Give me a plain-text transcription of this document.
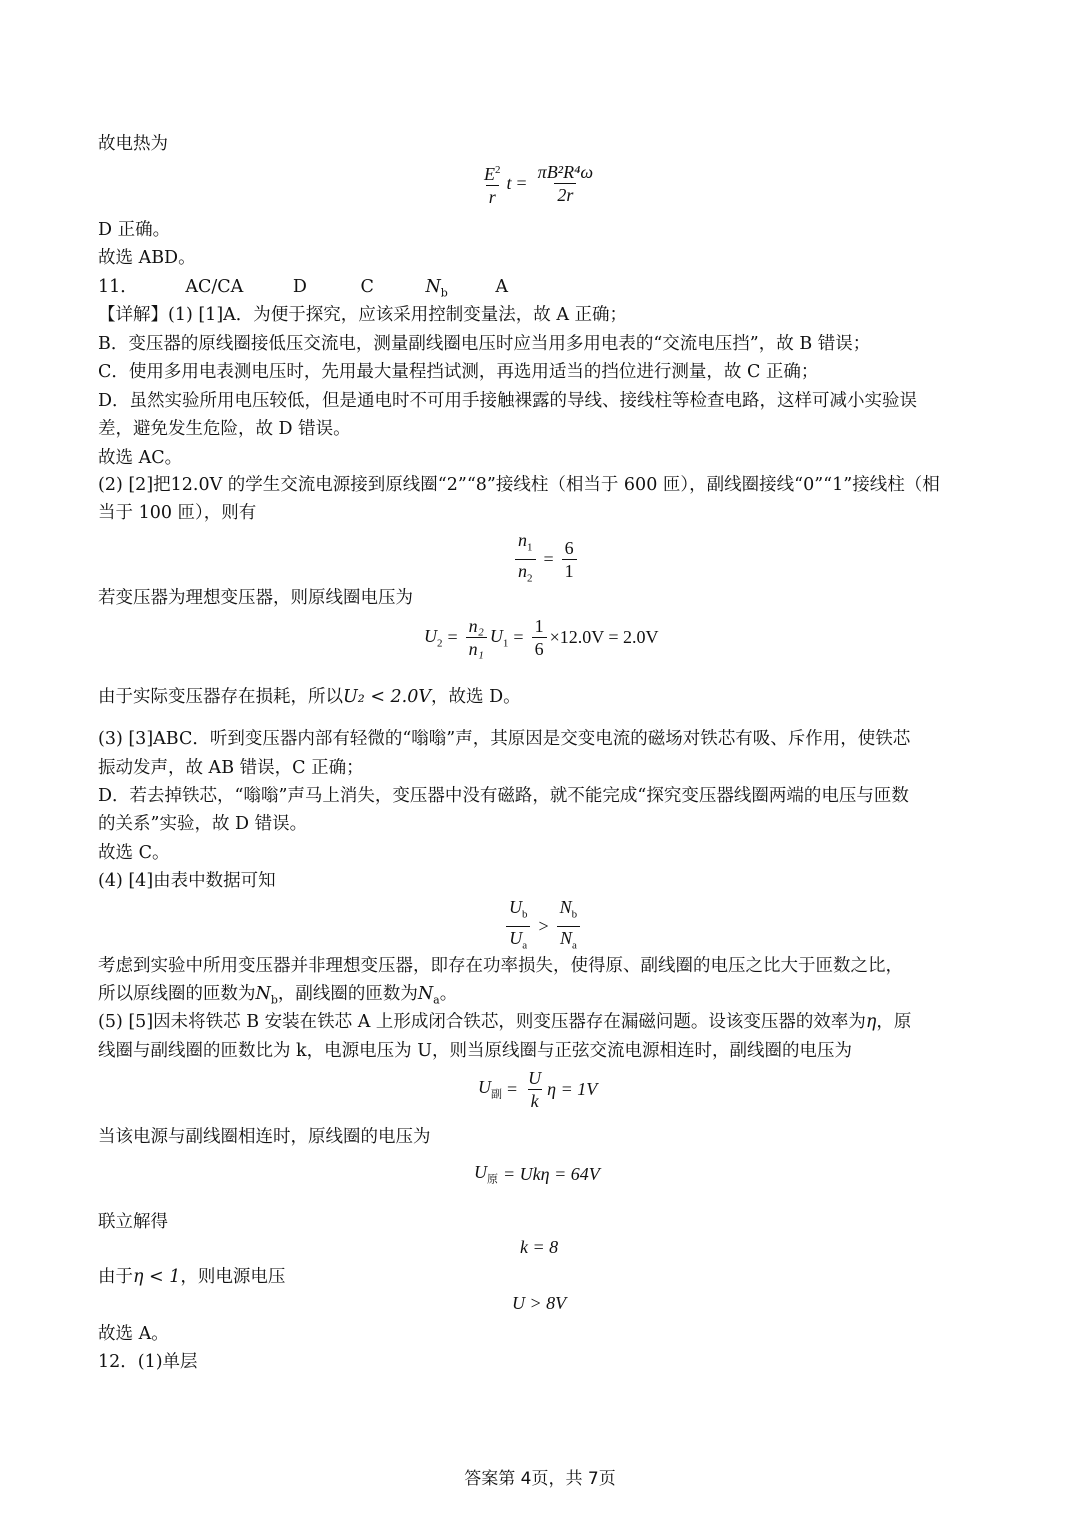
故电热为
$\frac{E^2}{r}$ $t = \frac{\text{πB²R⁴ω}}{2r}$
D 正确。
故选 ABD。
11．	AC/CA	D	C	$N_b$	A
【详解】(1) [1]A．为便于探究，应该采用控制变量法，故 A 正确；
B．变压器的原线圈接低压交流电，测量副线圈电压时应当用多用电表的“交流电压挡”，故 B 错误；
C．使用多用电表测电压时，先用最大量程挡试测，再选用适当的挡位进行测量，故 C 正确；
D．虽然实验所用电压较低，但是通电时不可用手接触裸露的导线、接线柱等检查电路，这样可减小实验误
差，避免发生危险，故 D 错误。
故选 AC。
(2) [2]把12.0V 的学生交流电源接到原线圈“2”“8”接线柱（相当于 600 匝），副线圈接线“0”“1”接线柱（相
当于 100 匝），则有
$\frac{n_1}{n_2} = \frac{6}{1}$
若变压器为理想变压器，则原线圈电压为
$U_2 = \frac{\text{n₂}}{\text{n₁}} U_1 = \frac{1}{6} \times 12.0V = 2.0V$
由于实际变压器存在损耗，所以U₂ < 2.0V，故选 D。
(3) [3]ABC．听到变压器内部有轻微的“嗡嗡”声，其原因是交变电流的磁场对铁芯有吸、斥作用，使铁芯
振动发声，故 AB 错误，C 正确；
D．若去掉铁芯，“嗡嗡”声马上消失，变压器中没有磁路，就不能完成“探究变压器线圈两端的电压与匝数
的关系”实验，故 D 错误。
故选 C。
(4) [4]由表中数据可知
$\frac{U_b}{U_a} > \frac{N_b}{N_a}$
考虑到实验中所用变压器并非理想变压器，即存在功率损失，使得原、副线圈的电压之比大于匝数之比，
所以原线圈的匝数为$N_b$，副线圈的匝数为$N_a$。
(5) [5]因未将铁芯 B 安装在铁芯 A 上形成闭合铁芯，则变压器存在漏磁问题。设该变压器的效率为η，原
线圈与副线圈的匝数比为 k，电源电压为 U，则当原线圈与正弦交流电源相连时，副线圈的电压为
$U_副 = \frac{U}{k}$ η = 1V
当该电源与副线圈相连时，原线圈的电压为
$U_原 = Uk\eta = 64V$
联立解得
k = 8
由于η < 1，则电源电压
U > 8V
故选 A。
12．(1)单层
答案第 4页，共 7页
